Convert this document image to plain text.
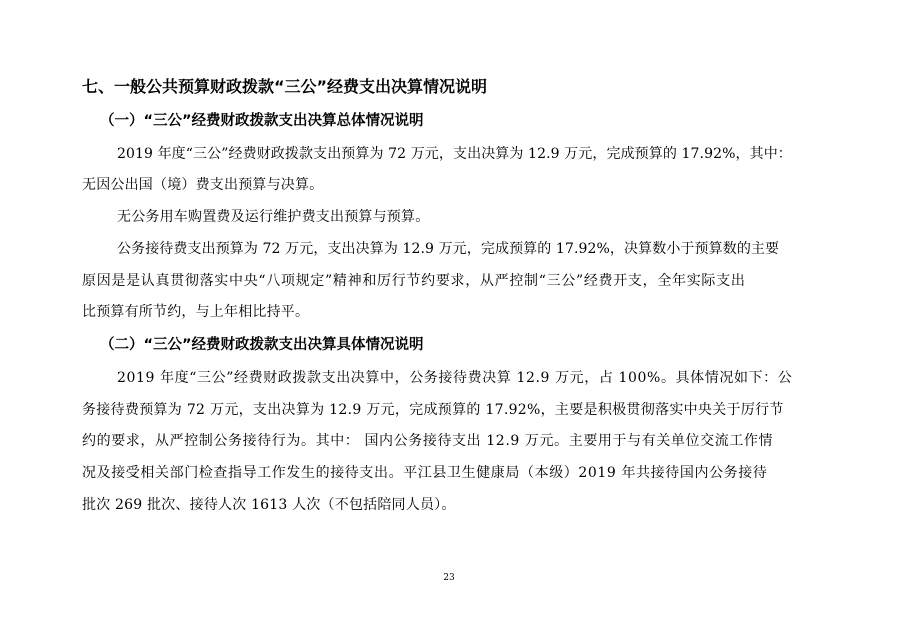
七、一般公共预算财政拨款“三公”经费支出决算情况说明
（一）“三公”经费财政拨款支出决算总体情况说明
2019 年度“三公”经费财政拨款支出预算为 72 万元，支出决算为 12.9 万元，完成预算的 17.92%，其中：
无因公出国（境）费支出预算与决算。
无公务用车购置费及运行维护费支出预算与预算。
公务接待费支出预算为 72 万元，支出决算为 12.9 万元，完成预算的 17.92%，决算数小于预算数的主要
原因是是认真贯彻落实中央“八项规定”精神和厉行节约要求，从严控制“三公”经费开支，全年实际支出
比预算有所节约，与上年相比持平。
（二）“三公”经费财政拨款支出决算具体情况说明
2019 年度“三公”经费财政拨款支出决算中，公务接待费决算 12.9 万元，占 100%。具体情况如下：公
务接待费预算为 72 万元，支出决算为 12.9 万元，完成预算的 17.92%，主要是积极贯彻落实中央关于厉行节
约的要求，从严控制公务接待行为。其中： 国内公务接待支出 12.9 万元。主要用于与有关单位交流工作情
况及接受相关部门检查指导工作发生的接待支出。平江县卫生健康局（本级）2019 年共接待国内公务接待
批次 269 批次、接待人次 1613 人次（不包括陪同人员）。
23
